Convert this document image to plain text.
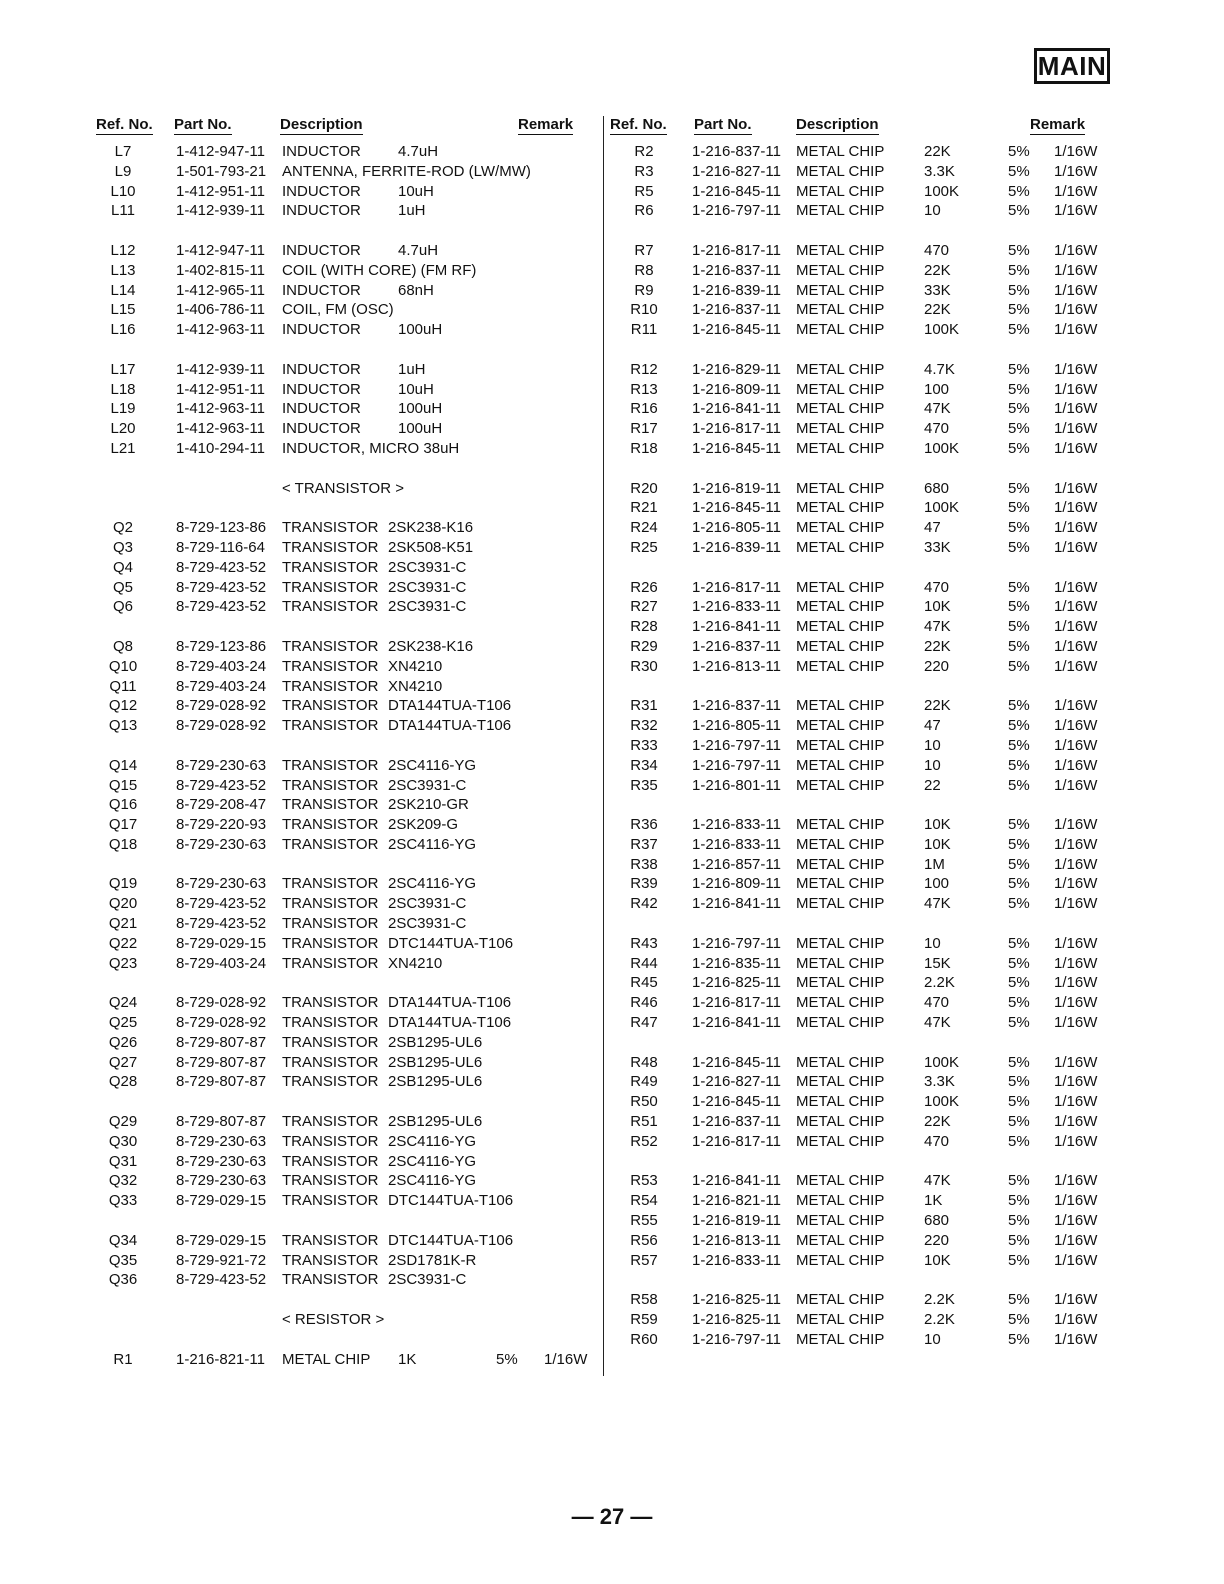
MAIN
Ref. No. Part No.	Description	Remark
L7	1-412-947-11 INDUCTOR 4.7uH
L9	1-501-793-21 ANTENNA, FERRITE-ROD (LW/MW)
L10	1-412-951-11 INDUCTOR 10uH
L11	1-412-939-11 INDUCTOR 1uH
L12	1-412-947-11 INDUCTOR 4.7uH
L13	1-402-815-11 COIL (WITH CORE) (FM RF)
L14	1-412-965-11 INDUCTOR 68nH
L15	1-406-786-11 COIL, FM (OSC)
L16	1-412-963-11 INDUCTOR 100uH
L17	1-412-939-11 INDUCTOR 1uH
L18	1-412-951-11 INDUCTOR 10uH
L19	1-412-963-11 INDUCTOR 100uH
L20	1-412-963-11 INDUCTOR 100uH
L21	1-410-294-11 INDUCTOR, MICRO 38uH
< TRANSISTOR >
Q2	8-729-123-86 TRANSISTOR 2SK238-K16
Q3	8-729-116-64 TRANSISTOR 2SK508-K51
Q4	8-729-423-52 TRANSISTOR 2SC3931-C
Q5	8-729-423-52 TRANSISTOR 2SC3931-C
Q6	8-729-423-52 TRANSISTOR 2SC3931-C
Q8	8-729-123-86 TRANSISTOR 2SK238-K16
Q10	8-729-403-24 TRANSISTOR XN4210
Q11	8-729-403-24 TRANSISTOR XN4210
Q12	8-729-028-92 TRANSISTOR DTA144TUA-T106
Q13	8-729-028-92 TRANSISTOR DTA144TUA-T106
Q14	8-729-230-63 TRANSISTOR 2SC4116-YG
Q15	8-729-423-52 TRANSISTOR 2SC3931-C
Q16	8-729-208-47 TRANSISTOR 2SK210-GR
Q17	8-729-220-93 TRANSISTOR 2SK209-G
Q18	8-729-230-63 TRANSISTOR 2SC4116-YG
Q19	8-729-230-63 TRANSISTOR 2SC4116-YG
Q20	8-729-423-52 TRANSISTOR 2SC3931-C
Q21	8-729-423-52 TRANSISTOR 2SC3931-C
Q22	8-729-029-15 TRANSISTOR DTC144TUA-T106
Q23	8-729-403-24 TRANSISTOR XN4210
Q24	8-729-028-92 TRANSISTOR DTA144TUA-T106
Q25	8-729-028-92 TRANSISTOR DTA144TUA-T106
Q26	8-729-807-87 TRANSISTOR 2SB1295-UL6
Q27	8-729-807-87 TRANSISTOR 2SB1295-UL6
Q28	8-729-807-87 TRANSISTOR 2SB1295-UL6
Q29	8-729-807-87 TRANSISTOR 2SB1295-UL6
Q30	8-729-230-63 TRANSISTOR 2SC4116-YG
Q31	8-729-230-63 TRANSISTOR 2SC4116-YG
Q32	8-729-230-63 TRANSISTOR 2SC4116-YG
Q33	8-729-029-15 TRANSISTOR DTC144TUA-T106
Q34	8-729-029-15 TRANSISTOR DTC144TUA-T106
Q35	8-729-921-72 TRANSISTOR 2SD1781K-R
Q36	8-729-423-52 TRANSISTOR 2SC3931-C
< RESISTOR >
R1	1-216-821-11 METAL CHIP 1K	5% 1/16W
Ref. No. Part No.	Description	Remark
R2	1-216-837-11 METAL CHIP	22K	5% 1/16W
R3	1-216-827-11 METAL CHIP	3.3K	5% 1/16W
R5	1-216-845-11 METAL CHIP	100K	5% 1/16W
R6	1-216-797-11 METAL CHIP	10	5% 1/16W
R7	1-216-817-11 METAL CHIP	470	5% 1/16W
R8	1-216-837-11 METAL CHIP	22K	5% 1/16W
R9	1-216-839-11 METAL CHIP	33K	5% 1/16W
R10	1-216-837-11 METAL CHIP	22K	5% 1/16W
R11	1-216-845-11 METAL CHIP	100K	5% 1/16W
R12	1-216-829-11 METAL CHIP	4.7K	5% 1/16W
R13	1-216-809-11 METAL CHIP	100	5% 1/16W
R16	1-216-841-11 METAL CHIP	47K	5% 1/16W
R17	1-216-817-11 METAL CHIP	470	5% 1/16W
R18	1-216-845-11 METAL CHIP	100K	5% 1/16W
R20	1-216-819-11 METAL CHIP	680	5% 1/16W
R21	1-216-845-11 METAL CHIP	100K	5% 1/16W
R24	1-216-805-11 METAL CHIP	47	5% 1/16W
R25	1-216-839-11 METAL CHIP	33K	5% 1/16W
R26	1-216-817-11 METAL CHIP	470	5% 1/16W
R27	1-216-833-11 METAL CHIP	10K	5% 1/16W
R28	1-216-841-11 METAL CHIP	47K	5% 1/16W
R29	1-216-837-11 METAL CHIP	22K	5% 1/16W
R30	1-216-813-11 METAL CHIP	220	5% 1/16W
R31	1-216-837-11 METAL CHIP	22K	5% 1/16W
R32	1-216-805-11 METAL CHIP	47	5% 1/16W
R33	1-216-797-11 METAL CHIP	10	5% 1/16W
R34	1-216-797-11 METAL CHIP	10	5% 1/16W
R35	1-216-801-11 METAL CHIP	22	5% 1/16W
R36	1-216-833-11 METAL CHIP	10K	5% 1/16W
R37	1-216-833-11 METAL CHIP	10K	5% 1/16W
R38	1-216-857-11 METAL CHIP	1M	5% 1/16W
R39	1-216-809-11 METAL CHIP	100	5% 1/16W
R42	1-216-841-11 METAL CHIP	47K	5% 1/16W
R43	1-216-797-11 METAL CHIP	10	5% 1/16W
R44	1-216-835-11 METAL CHIP	15K	5% 1/16W
R45	1-216-825-11 METAL CHIP	2.2K	5% 1/16W
R46	1-216-817-11 METAL CHIP	470	5% 1/16W
R47	1-216-841-11 METAL CHIP	47K	5% 1/16W
R48	1-216-845-11 METAL CHIP	100K	5% 1/16W
R49	1-216-827-11 METAL CHIP	3.3K	5% 1/16W
R50	1-216-845-11 METAL CHIP	100K	5% 1/16W
R51	1-216-837-11 METAL CHIP	22K	5% 1/16W
R52	1-216-817-11 METAL CHIP	470	5% 1/16W
R53	1-216-841-11 METAL CHIP	47K	5% 1/16W
R54	1-216-821-11 METAL CHIP	1K	5% 1/16W
R55	1-216-819-11 METAL CHIP	680	5% 1/16W
R56	1-216-813-11 METAL CHIP	220	5% 1/16W
R57	1-216-833-11 METAL CHIP	10K	5% 1/16W
R58	1-216-825-11 METAL CHIP	2.2K	5% 1/16W
R59	1-216-825-11 METAL CHIP	2.2K	5% 1/16W
R60	1-216-797-11 METAL CHIP	10	5% 1/16W
— 27 —
